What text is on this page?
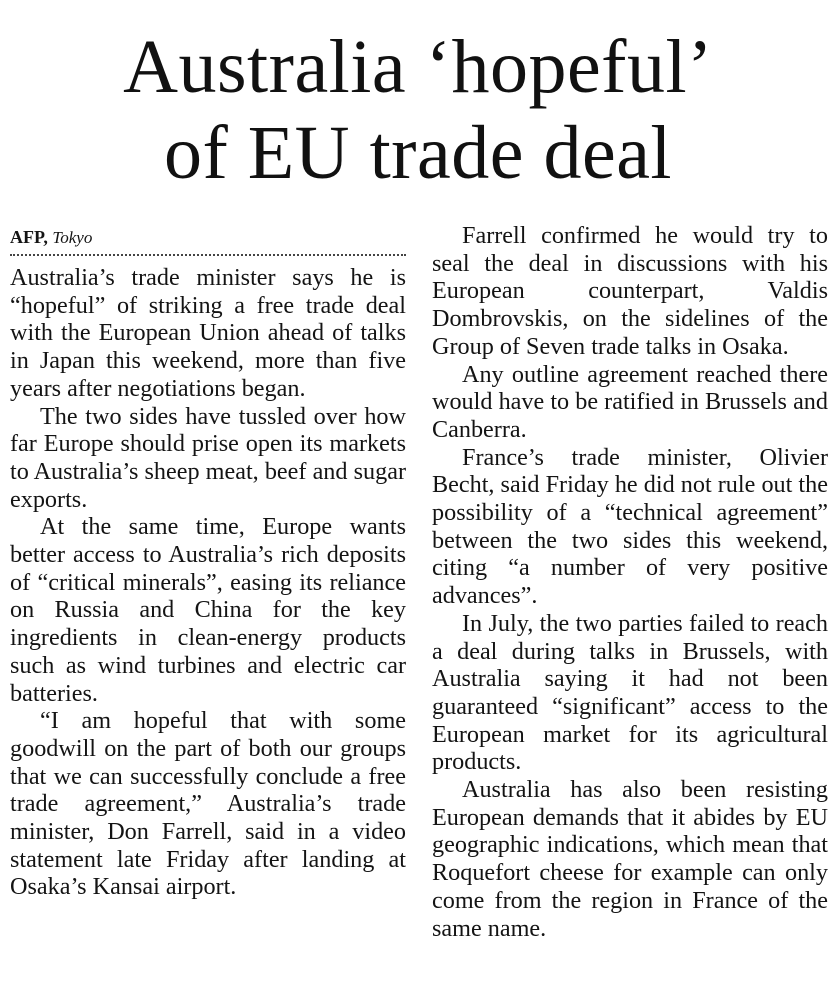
Australia ‘hopeful’
of EU trade deal
AFP, Tokyo

Australia’s trade minister says he is “hopeful” of striking a free trade deal with the European Union ahead of talks in Japan this weekend, more than five years after negotiations began.

The two sides have tussled over how far Europe should prise open its markets to Australia’s sheep meat, beef and sugar exports.

At the same time, Europe wants better access to Australia’s rich deposits of “critical minerals”, easing its reliance on Russia and China for the key ingredients in clean-energy products such as wind turbines and electric car batteries.

“I am hopeful that with some goodwill on the part of both our groups that we can successfully conclude a free trade agreement,” Australia’s trade minister, Don Farrell, said in a video statement late Friday after landing at Osaka’s Kansai airport.

Farrell confirmed he would try to seal the deal in discussions with his European counterpart, Valdis Dombrovskis, on the sidelines of the Group of Seven trade talks in Osaka.

Any outline agreement reached there would have to be ratified in Brussels and Canberra.

France’s trade minister, Olivier Becht, said Friday he did not rule out the possibility of a “technical agreement” between the two sides this weekend, citing “a number of very positive advances”.

In July, the two parties failed to reach a deal during talks in Brussels, with Australia saying it had not been guaranteed “significant” access to the European market for its agricultural products.

Australia has also been resisting European demands that it abides by EU geographic indications, which mean that Roquefort cheese for example can only come from the region in France of the same name.
